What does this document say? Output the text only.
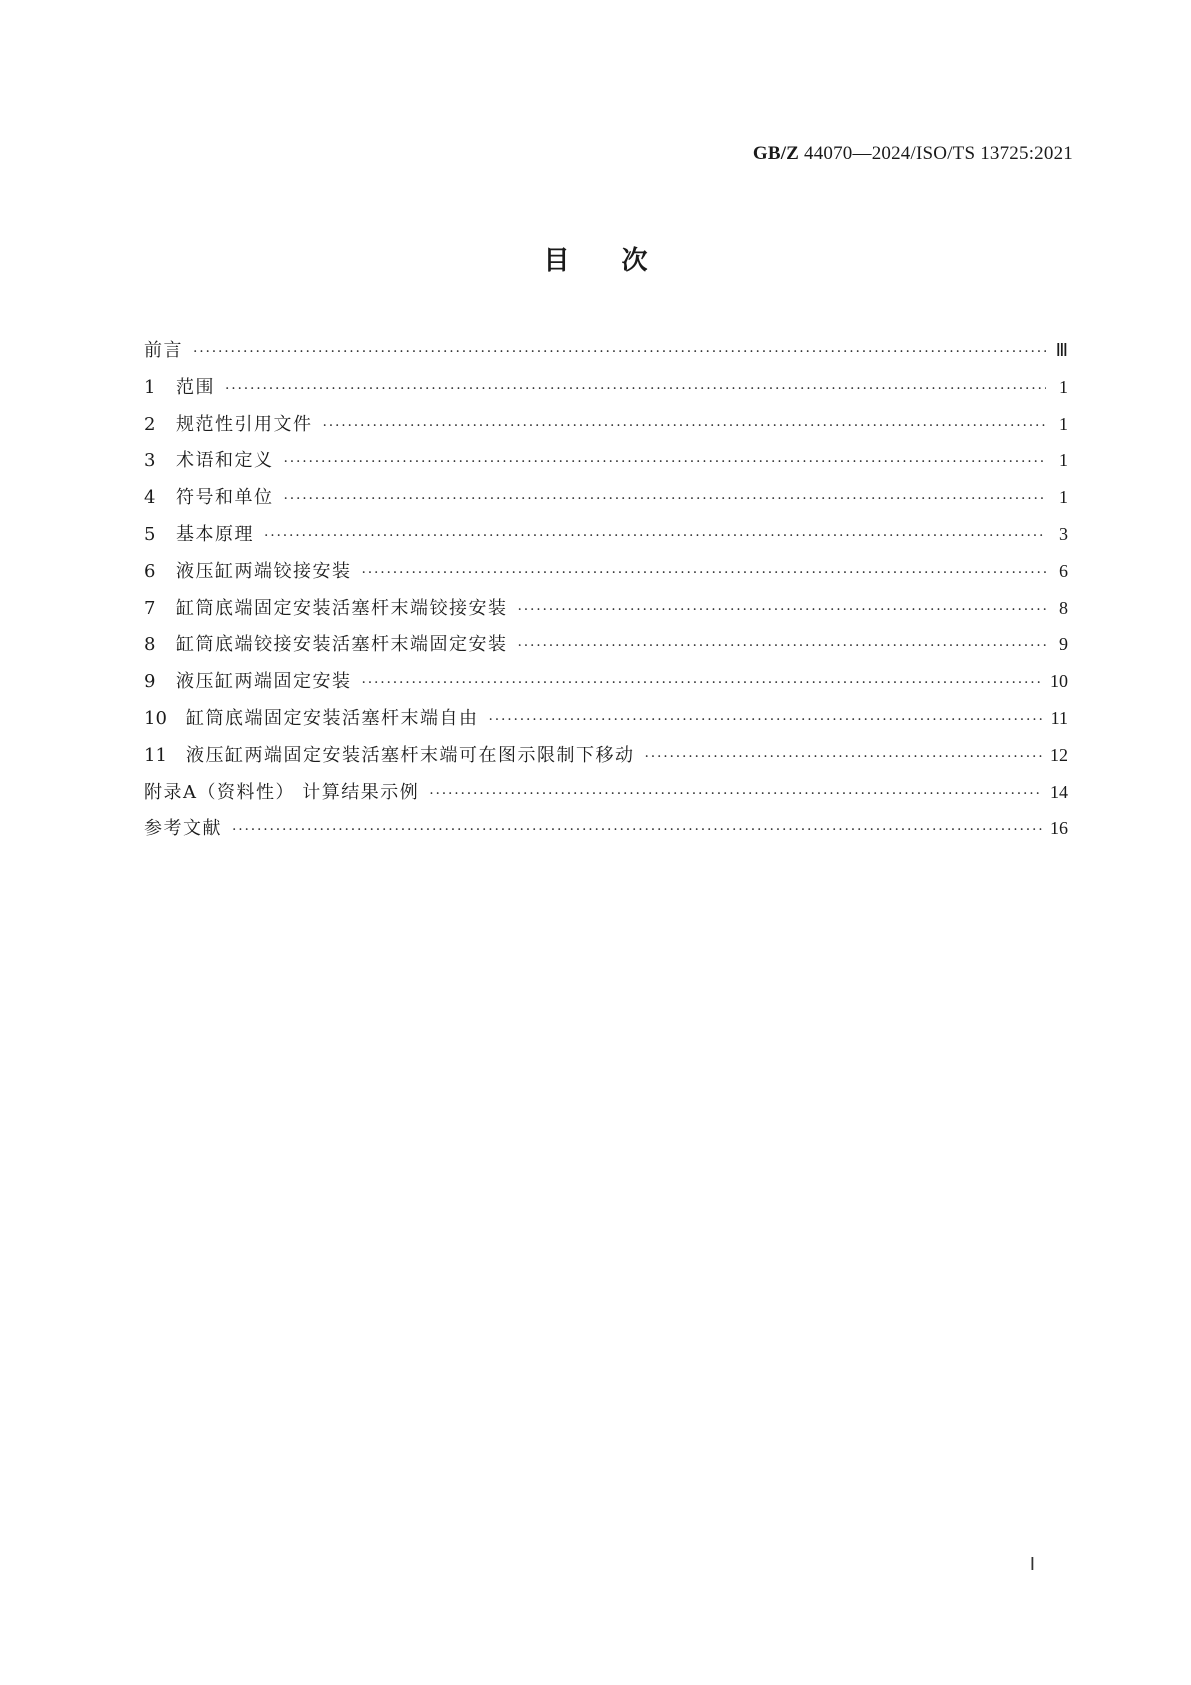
GB/Z 44070—2024/ISO/TS 13725:2021
目次
前言 ·····	Ⅲ
1	范围 ·····	1
2	规范性引用文件 ·····	1
3	术语和定义 ·····	1
4	符号和单位 ·····	1
5	基本原理 ·····	3
6	液压缸两端铰接安装 ·····	6
7	缸筒底端固定安装活塞杆末端铰接安装 ·····	8
8	缸筒底端铰接安装活塞杆末端固定安装 ·····	9
9	液压缸两端固定安装 ·····	10
10	缸筒底端固定安装活塞杆末端自由 ·····	11
11	液压缸两端固定安装活塞杆末端可在图示限制下移动 ·····	12
附录A（资料性） 计算结果示例 ·····	14
参考文献 ·····	16
Ⅰ
